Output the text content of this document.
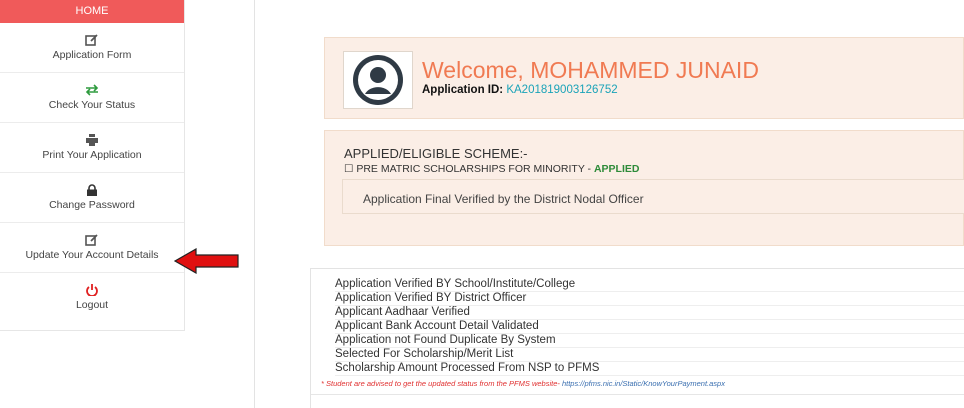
HOME
Application Form
Check Your Status
Print Your Application
Change Password
Update Your Account Details
Logout
Welcome, MOHAMMED JUNAID
Application ID: KA201819003126752
APPLIED/ELIGIBLE SCHEME:-
☐ PRE MATRIC SCHOLARSHIPS FOR MINORITY - APPLIED
Application Final Verified by the District Nodal Officer
Application Verified BY School/Institute/College
Application Verified BY District Officer
Applicant Aadhaar Verified
Applicant Bank Account Detail Validated
Application not Found Duplicate By System
Selected For Scholarship/Merit List
Scholarship Amount Processed From NSP to PFMS
* Student are advised to get the updated status from the PFMS website- https://pfms.nic.in/Static/KnowYourPayment.aspx
